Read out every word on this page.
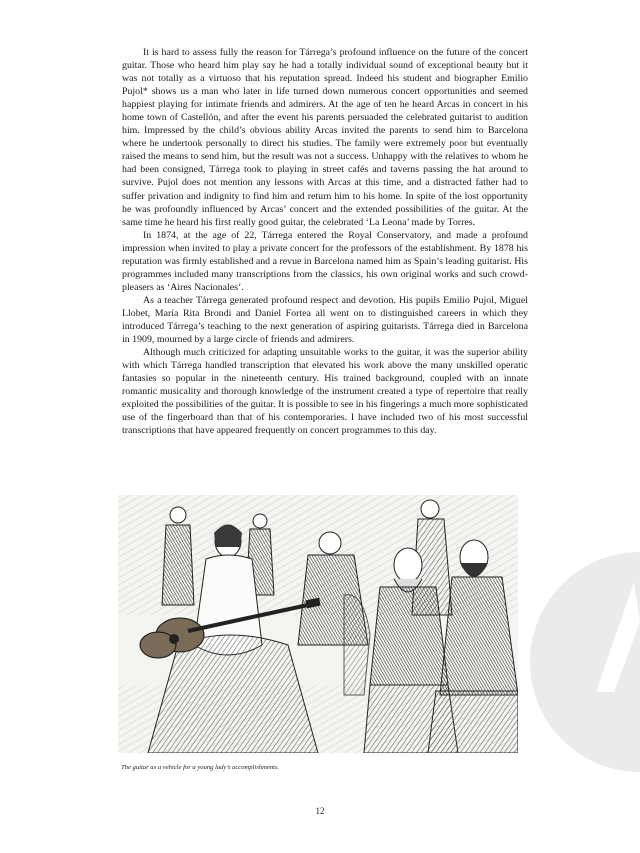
It is hard to assess fully the reason for Tárrega’s profound influence on the future of the concert guitar. Those who heard him play say he had a totally individual sound of exceptional beauty but it was not totally as a virtuoso that his reputation spread. Indeed his student and biographer Emilio Pujol* shows us a man who later in life turned down numerous concert opportunities and seemed happiest playing for intimate friends and admirers. At the age of ten he heard Arcas in concert in his home town of Castellón, and after the event his parents persuaded the celebrated guitarist to audition him. Impressed by the child’s obvious ability Arcas invited the parents to send him to Barcelona where he undertook personally to direct his studies. The family were extremely poor but eventually raised the means to send him, but the result was not a success. Unhappy with the relatives to whom he had been consigned, Tárrega took to playing in street cafés and taverns passing the hat around to survive. Pujol does not mention any lessons with Arcas at this time, and a distracted father had to suffer privation and indignity to find him and return him to his home. In spite of the lost opportunity he was profoundly influenced by Arcas’ concert and the extended possibilities of the guitar. At the same time he heard his first really good guitar, the celebrated ‘La Leona’ made by Torres.

In 1874, at the age of 22, Tárrega entered the Royal Conservatory, and made a profound impression when invited to play a private concert for the professors of the establishment. By 1878 his reputation was firmly established and a revue in Barcelona named him as Spain’s leading guitarist. His programmes included many transcriptions from the classics, his own original works and such crowd-pleasers as ‘Aires Nacionales’.

As a teacher Tárrega generated profound respect and devotion. His pupils Emilio Pujol, Miguel Llobet, María Rita Brondi and Daniel Fortea all went on to distinguished careers in which they introduced Tárrega’s teaching to the next generation of aspiring guitarists. Tárrega died in Barcelona in 1909, mourned by a large circle of friends and admirers.

Although much criticized for adapting unsuitable works to the guitar, it was the superior ability with which Tárrega handled transcription that elevated his work above the many unskilled operatic fantasies so popular in the nineteenth century. His trained background, coupled with an innate romantic musicality and thorough knowledge of the instrument created a type of repertoire that really exploited the possibilities of the guitar. It is possible to see in his fingerings a much more sophisticated use of the fingerboard than that of his contemporaries. I have included two of his most successful transcriptions that have appeared frequently on concert programmes to this day.

The guitar as a vehicle for a young lady’s accomplishments.
12
